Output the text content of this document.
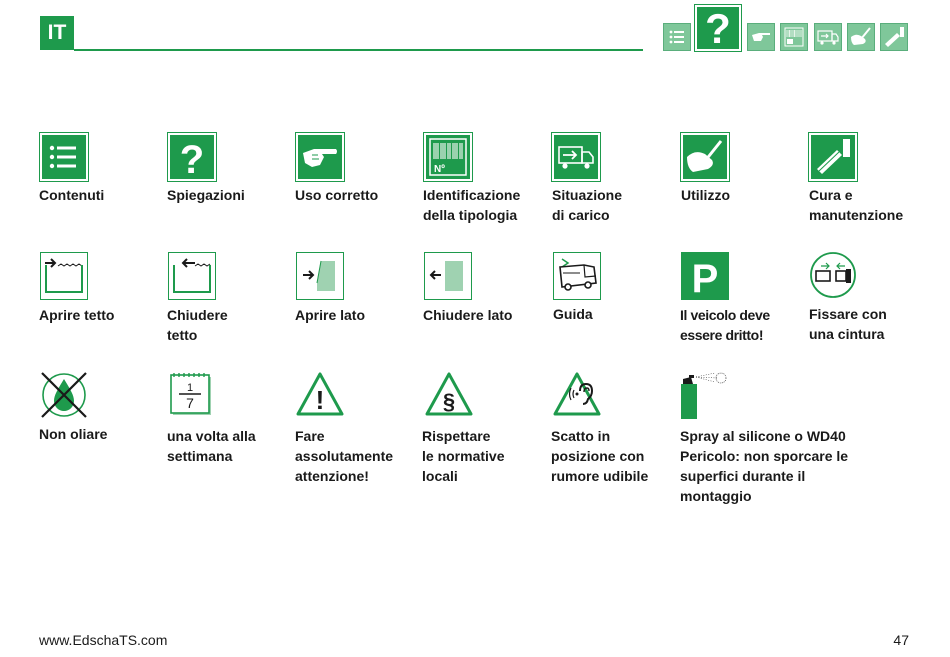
IT	?
Contenuti
?
Spiegazioni	Uso corretto
Nº
Identificazione
della tipologia
Situazione
di carico
Utilizzo	Cura e
manutenzione
Aprire tetto	Chiudere
tetto
Aprire lato	Chiudere lato	Guida
P
Il veicolo deve
essere dritto!
Fissare con
una cintura
Non oliare
1
7
una volta alla
settimana
!
Fare
assolutamente
attenzione!
§
Rispettare
le normative
locali
Scatto in
posizione con
rumore udibile
Spray al silicone o WD40
Pericolo: non sporcare le
superfici durante il
montaggio
www.EdschaTS.com	47
